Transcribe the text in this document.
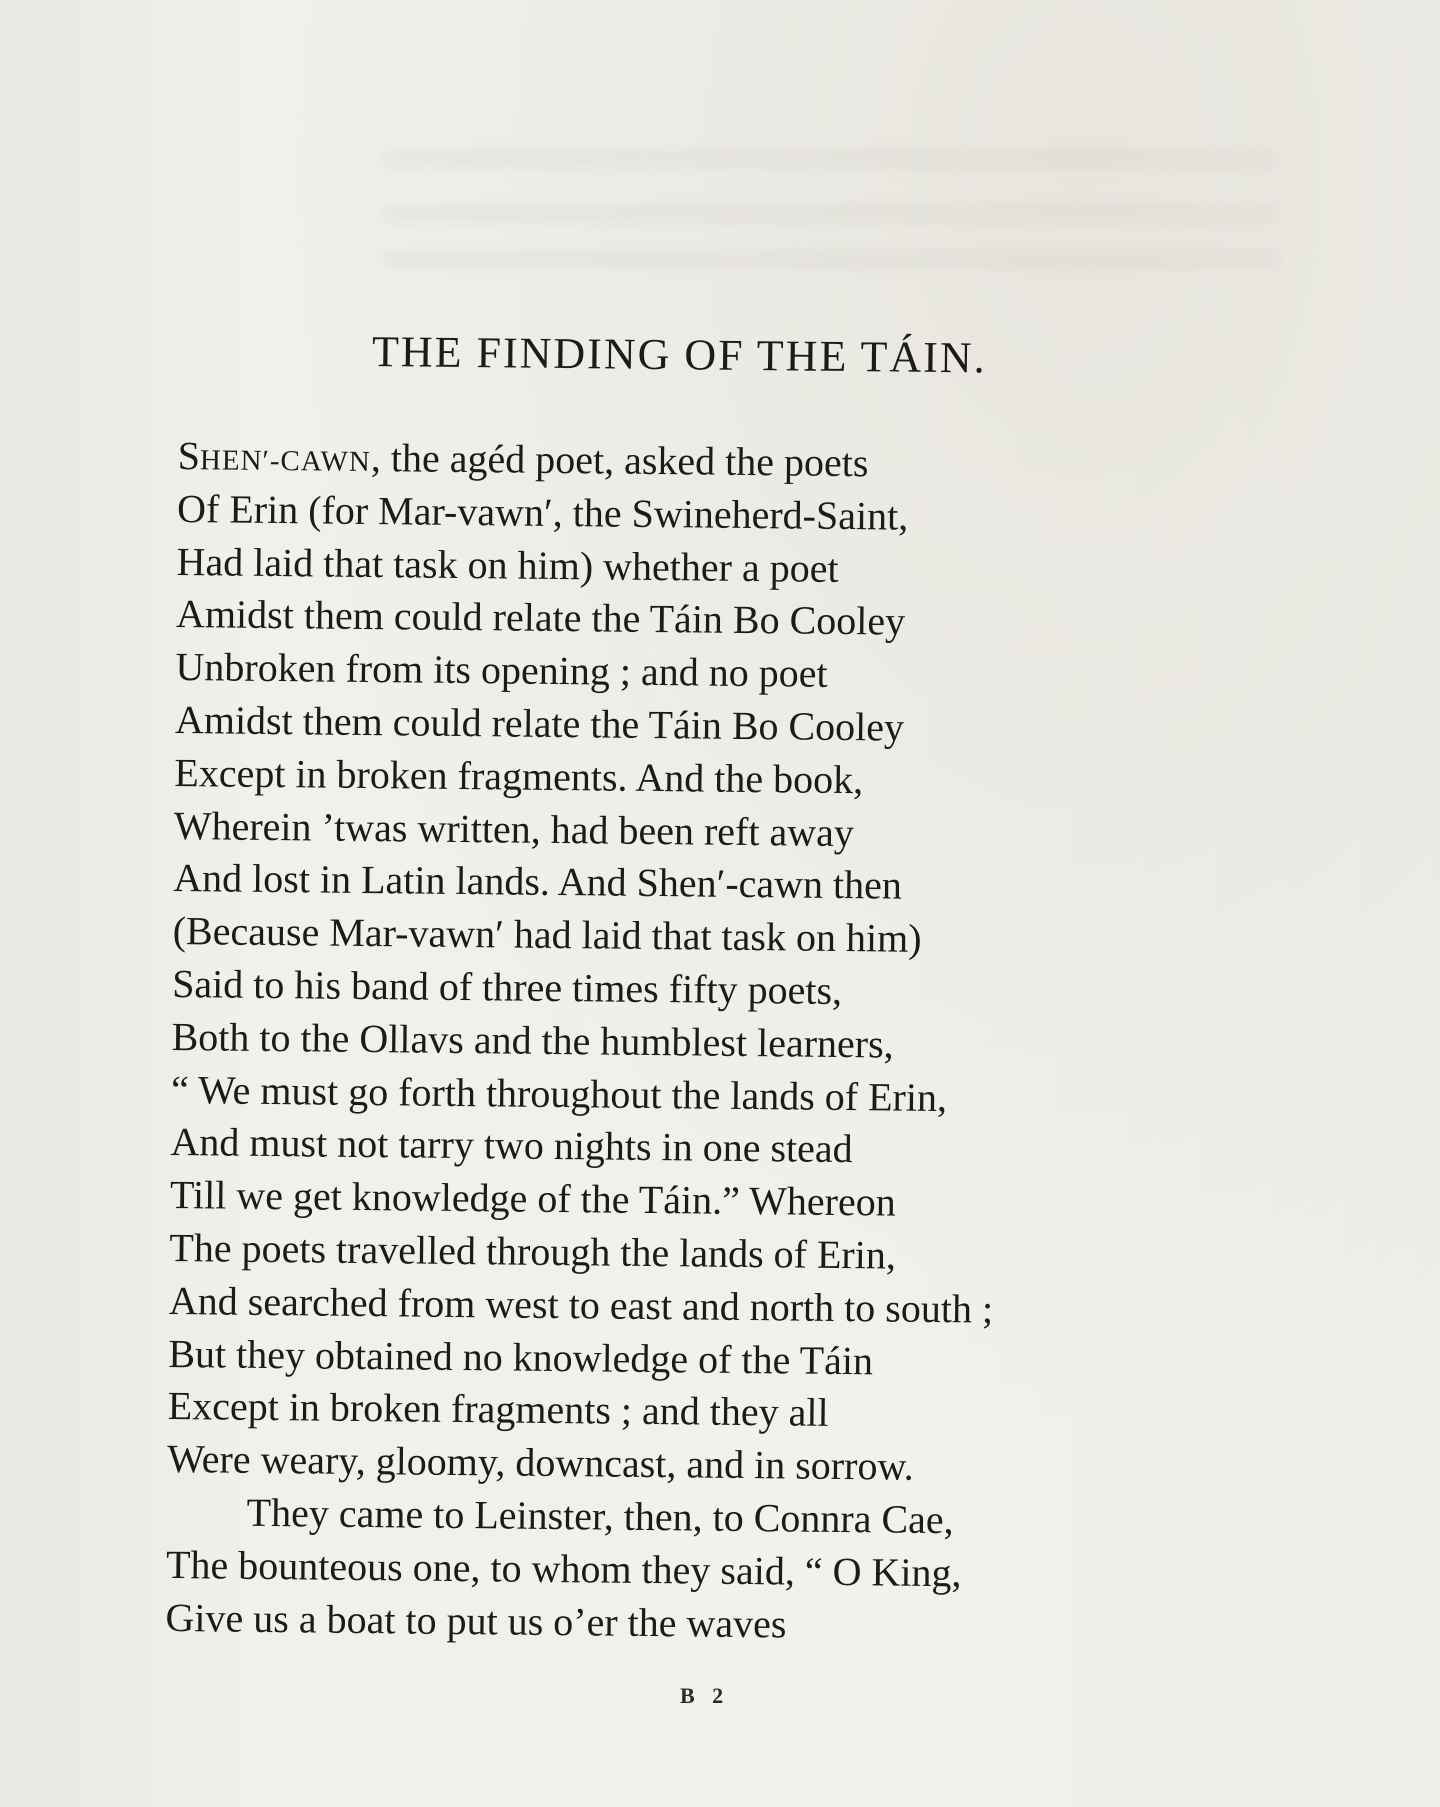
THE FINDING OF THE TÁIN.
SHEN′-CAWN, the agéd poet, asked the poets
Of Erin (for Mar-vawn′, the Swineherd-Saint,
Had laid that task on him) whether a poet
Amidst them could relate the Táin Bo Cooley
Unbroken from its opening ; and no poet
Amidst them could relate the Táin Bo Cooley
Except in broken fragments. And the book,
Wherein ’twas written, had been reft away
And lost in Latin lands. And Shen′-cawn then
(Because Mar-vawn′ had laid that task on him)
Said to his band of three times fifty poets,
Both to the Ollavs and the humblest learners,
“ We must go forth throughout the lands of Erin,
And must not tarry two nights in one stead
Till we get knowledge of the Táin.” Whereon
The poets travelled through the lands of Erin,
And searched from west to east and north to south ;
But they obtained no knowledge of the Táin
Except in broken fragments ; and they all
Were weary, gloomy, downcast, and in sorrow.
They came to Leinster, then, to Connra Cae,
The bounteous one, to whom they said, “ O King,
Give us a boat to put us o’er the waves
B 2
